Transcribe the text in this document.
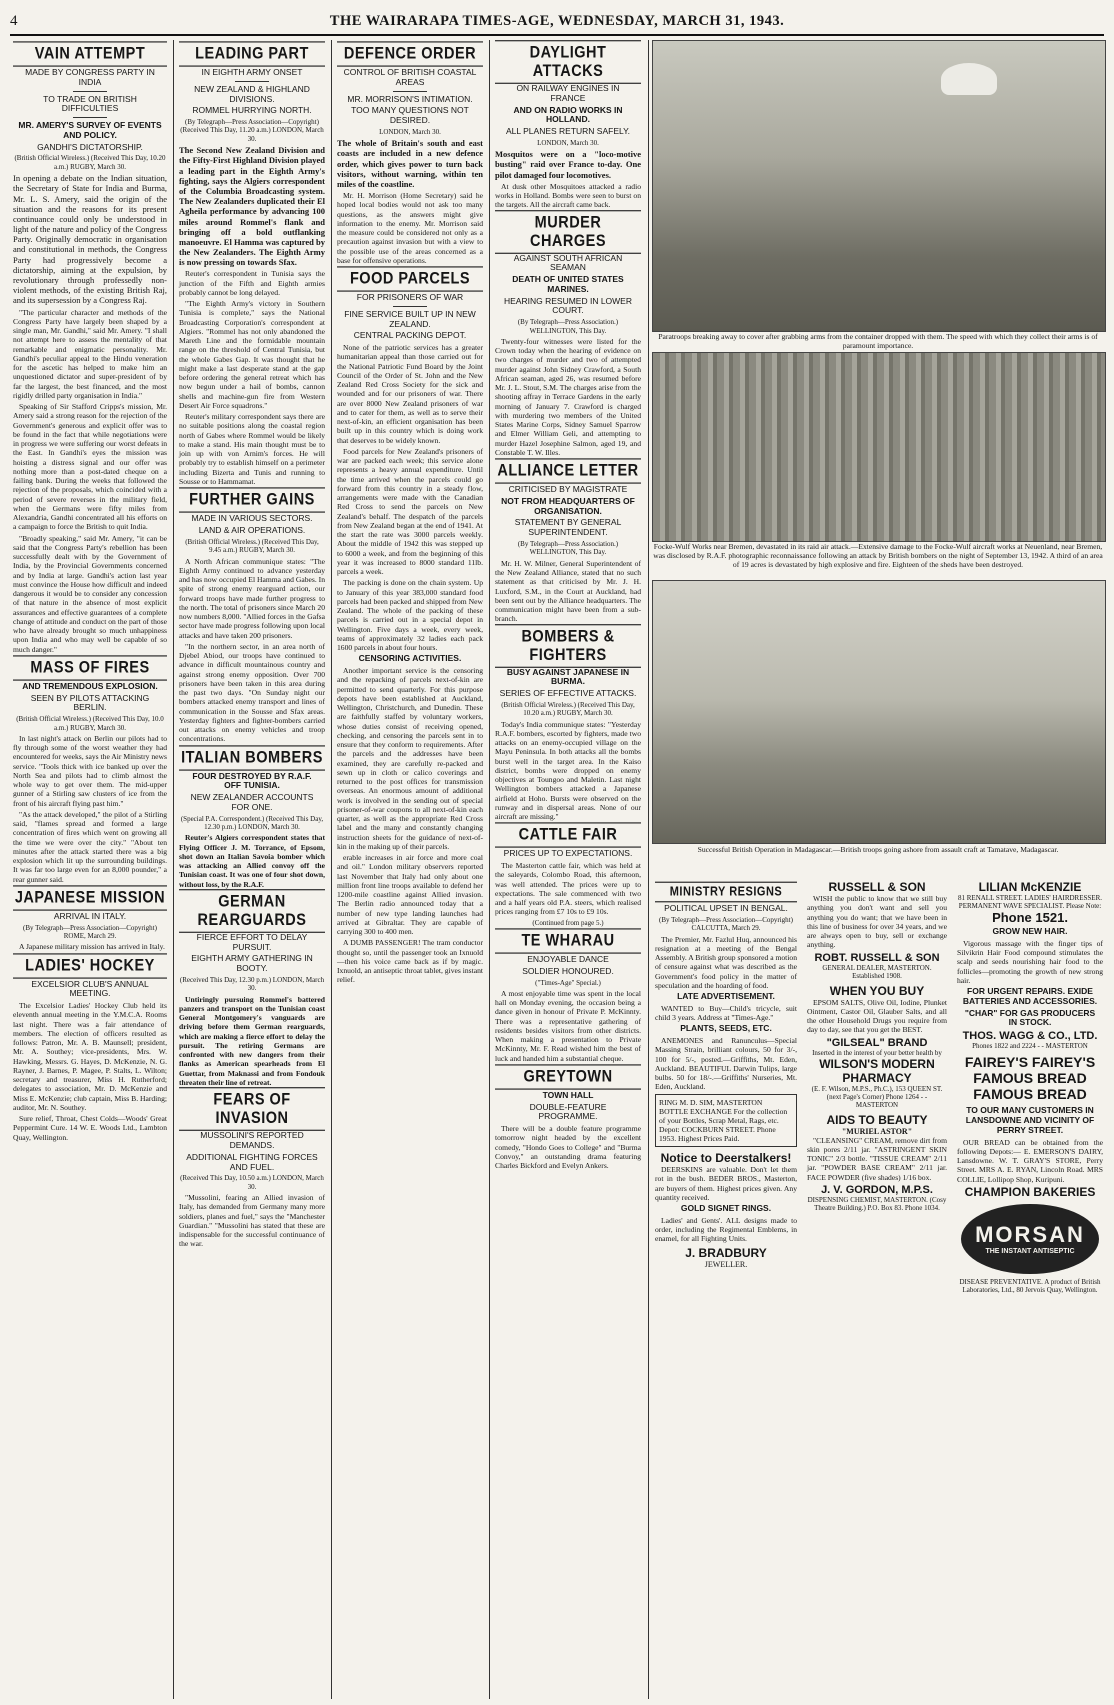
4	THE WAIRARAPA TIMES-AGE, WEDNESDAY, MARCH 31, 1943.
VAIN ATTEMPT
MADE BY CONGRESS PARTY IN INDIA
TO TRADE ON BRITISH DIFFICULTIES
MR. AMERY'S SURVEY OF EVENTS AND POLICY.
GANDHI'S DICTATORSHIP.
(British Official Wireless.) (Received This Day, 10.20 a.m.) RUGBY, March 30.

In opening a debate on the Indian situation, the Secretary of State for India and Burma, Mr. L. S. Amery, said the origin of the situation and the reasons for its present continuance could only be understood in light of the nature and policy of the Congress Party. Originally democratic in organisation and constitutional in methods, the Congress Party had progressively become a dictatorship, aiming at the expulsion, by revolutionary through professedly non-violent methods, of the existing British Raj, and its supersession by a Congress Raj.

"The particular character and methods of the Congress Party have largely been shaped by a single man, Mr. Gandhi," said Mr. Amery. "I shall not attempt here to assess the mentality of that remarkable and enigmatic personality. Mr. Gandhi's peculiar appeal to the Hindu veneration for the ascetic has helped to make him an unquestioned dictator and super-president of by far the largest, the best financed, and the most rigidly drilled party organisation in India."

Speaking of Sir Stafford Cripps's mission, Mr. Amery said a strong reason for the rejection of the Government's generous and explicit offer was to be found in the fact that while negotiations were in progress we were suffering our worst defeats in the East. In Gandhi's eyes the mission was hoisting a distress signal and our offer was nothing more than a post-dated cheque on a failing bank. During the weeks that followed the rejection of the proposals, which coincided with a period of severe reverses in the military field, when the Germans were fifty miles from Alexandria, Gandhi concentrated all his efforts on a campaign to force the British to quit India.

"Broadly speaking," said Mr. Amery, "it can be said that the Congress Party's rebellion has been successfully dealt with by the Government of India, by the Provincial Governments concerned and by India at large. Gandhi's action last year must convince the House how difficult and indeed dangerous it would be to consider any concession of that nature in the absence of most explicit assurances and effective guarantees of a complete change of attitude and conduct on the part of those who have already brought so much unhappiness upon India and who may well be capable of so much danger."

MASS OF FIRES
AND TREMENDOUS EXPLOSION.
SEEN BY PILOTS ATTACKING BERLIN.
(British Official Wireless.) (Received This Day, 10.0 a.m.) RUGBY, March 30.

In last night's attack on Berlin our pilots had to fly through some of the worst weather they had encountered for weeks, says the Air Ministry news service. "Tools thick with ice banked up over the North Sea and pilots had to climb almost the whole way to get over them. The mid-upper gunner of a Stirling saw clusters of ice from the front of his aircraft flying past him."

"As the attack developed," the pilot of a Stirling said, "flames spread and formed a large concentration of fires which went on growing all the time we were over the city." "About ten minutes after the attack started there was a big explosion which lit up the surrounding buildings. It was far too large even for an 8,000 pounder," a rear gunner said.

JAPANESE MISSION
ARRIVAL IN ITALY.
(By Telegraph—Press Association—Copyright) ROME, March 29.

A Japanese military mission has arrived in Italy.

LADIES' HOCKEY
EXCELSIOR CLUB'S ANNUAL MEETING.

The Excelsior Ladies' Hockey Club held its eleventh annual meeting in the Y.M.C.A. Rooms last night. There was a fair attendance of members. The election of officers resulted as follows: Patron, Mr. A. B. Maunsell; president, Mr. A. Southey; vice-presidents, Mrs. W. Hawking, Messrs. G. Hayes, D. McKenzie, N. G. Rayner, J. Barnes, P. Magee, P. Stalts, L. Wilton; secretary and treasurer, Miss H. Rutherford; delegates to association, Mr. D. McKenzie and Miss E. McKenzie; club captain, Miss B. Harding; auditor, Mr. N. Southey.

Sure relief, Throat, Chest Colds—Woods' Great Peppermint Cure. 14 W. E. Woods Ltd., Lambton Quay, Wellington.

LEADING PART
IN EIGHTH ARMY ONSET
NEW ZEALAND & HIGHLAND DIVISIONS.
ROMMEL HURRYING NORTH.
(By Telegraph—Press Association—Copyright) (Received This Day, 11.20 a.m.) LONDON, March 30.

The Second New Zealand Division and the Fifty-First Highland Division played a leading part in the Eighth Army's fighting, says the Algiers correspondent of the Columbia Broadcasting system. The New Zealanders duplicated their El Agheila performance by advancing 100 miles around Rommel's flank and bringing off a bold outflanking manoeuvre. El Hamma was captured by the New Zealanders. The Eighth Army is now pressing on towards Sfax.

Reuter's correspondent in Tunisia says the junction of the Fifth and Eighth armies probably cannot be long delayed.

"The Eighth Army's victory in Southern Tunisia is complete," says the National Broadcasting Corporation's correspondent at Algiers. "Rommel has not only abandoned the Mareth Line and the formidable mountain range on the threshold of Central Tunisia, but the whole Gabes Gap. It was thought that he might make a last desperate stand at the gap before ordering the general retreat which has now begun under a hail of bombs, cannon shells and machine-gun fire from Western Desert Air Force squadrons."

Reuter's military correspondent says there are no suitable positions along the coastal region north of Gabes where Rommel would be likely to make a stand. His main thought must be to join up with von Arnim's forces. He will probably try to establish himself on a perimeter including Bizerta and Tunis and running to Sousse or to Hammamat.

FURTHER GAINS
MADE IN VARIOUS SECTORS.
LAND & AIR OPERATIONS.
(British Official Wireless.) (Received This Day, 9.45 a.m.) RUGBY, March 30.

A North African communique states: "The Eighth Army continued to advance yesterday and has now occupied El Hamma and Gabes. In spite of strong enemy rearguard action, our forward troops have made further progress to the north. The total of prisoners since March 20 now numbers 8,000. "Allied forces in the Gafsa sector have made progress following upon local attacks and have taken 200 prisoners.

"In the northern sector, in an area north of Djebel Abiod, our troops have continued to advance in difficult mountainous country and against strong enemy opposition. Over 700 prisoners have been taken in this area during the past two days. "On Sunday night our bombers attacked enemy transport and lines of communication in the Sousse and Sfax areas. Yesterday fighters and fighter-bombers carried out attacks on enemy vehicles and troop concentrations.

ITALIAN BOMBERS
FOUR DESTROYED BY R.A.F. OFF TUNISIA.
NEW ZEALANDER ACCOUNTS FOR ONE.
(Special P.A. Correspondent.) (Received This Day, 12.30 p.m.) LONDON, March 30.

Reuter's Algiers correspondent states that Flying Officer J. M. Torrance, of Epsom, shot down an Italian Savoia bomber which was attacking an Allied convoy off the Tunisian coast. It was one of four shot down, without loss, by the R.A.F.

GERMAN REARGUARDS
FIERCE EFFORT TO DELAY PURSUIT.
EIGHTH ARMY GATHERING IN BOOTY.
(Received This Day, 12.30 p.m.) LONDON, March 30.

Untiringly pursuing Rommel's battered panzers and transport on the Tunisian coast General Montgomery's vanguards are driving before them German rearguards, which are making a fierce effort to delay the pursuit. The retiring Germans are confronted with new dangers from their flanks as American spearheads from El Guettar, from Maknassi and from Fondouk threaten their line of retreat.

FEARS OF INVASION
MUSSOLINI'S REPORTED DEMANDS.
ADDITIONAL FIGHTING FORCES AND FUEL.
(Received This Day, 10.50 a.m.) LONDON, March 30.

"Mussolini, fearing an Allied invasion of Italy, has demanded from Germany many more soldiers, planes and fuel," says the "Manchester Guardian." "Mussolini has stated that these are indispensable for the successful continuance of the war.

DEFENCE ORDER
CONTROL OF BRITISH COASTAL AREAS
MR. MORRISON'S INTIMATION.
TOO MANY QUESTIONS NOT DESIRED.
LONDON, March 30.

The whole of Britain's south and east coasts are included in a new defence order, which gives power to turn back visitors, without warning, within ten miles of the coastline.

Mr. H. Morrison (Home Secretary) said he hoped local bodies would not ask too many questions, as the answers might give information to the enemy. Mr. Morrison said the measure could be considered not only as a precaution against invasion but with a view to the possible use of the areas concerned as a base for offensive operations.

FOOD PARCELS
FOR PRISONERS OF WAR
FINE SERVICE BUILT UP IN NEW ZEALAND.
CENTRAL PACKING DEPOT.

None of the patriotic services has a greater humanitarian appeal than those carried out for the National Patriotic Fund Board by the Joint Council of the Order of St. John and the New Zealand Red Cross Society for the sick and wounded and for our prisoners of war. There are over 8000 New Zealand prisoners of war and to cater for them, as well as to serve their next-of-kin, an efficient organisation has been built up in this country which is doing work that deserves to be widely known.

Food parcels for New Zealand's prisoners of war are packed each week; this service alone represents a heavy annual expenditure. Until the time arrived when the parcels could go forward from this country in a steady flow, arrangements were made with the Canadian Red Cross to send the parcels on New Zealand's behalf. The despatch of the parcels from New Zealand began at the end of 1941. At the start the rate was 3000 parcels weekly. About the middle of 1942 this was stepped up to 6000 a week, and from the beginning of this year it was increased to 8000 standard 11lb. parcels a week.

The packing is done on the chain system. Up to January of this year 383,000 standard food parcels had been packed and shipped from New Zealand. The whole of the packing of these parcels is carried out in a special depot in Wellington. Five days a week, every week, teams of approximately 32 ladies each pack 1600 parcels in about four hours.

CENSORING ACTIVITIES.

Another important service is the censoring and the repacking of parcels next-of-kin are permitted to send quarterly. For this purpose depots have been established at Auckland, Wellington, Christchurch, and Dunedin. These are faithfully staffed by voluntary workers, whose duties consist of receiving opened, checking, and censoring the parcels sent in to ensure that they conform to requirements. After the parcels and the addresses have been examined, they are carefully re-packed and sewn up in cloth or calico coverings and returned to the post offices for transmission overseas. An enormous amount of additional work is involved in the sending out of special prisoner-of-war coupons to all next-of-kin each quarter, as well as the appropriate Red Cross label and the many and constantly changing instruction sheets for the guidance of next-of-kin in the making up of their parcels.

erable increases in air force and more coal and oil." London military observers reported last November that Italy had only about one million front line troops available to defend her 1200-mile coastline against Allied invasion. The Berlin radio announced today that a number of new type landing launches had arrived at Gibraltar. They are capable of carrying 300 to 400 men.

A DUMB PASSENGER! The tram conductor thought so, until the passenger took an Ixnuold—then his voice came back as if by magic. Ixnuold, an antiseptic throat tablet, gives instant relief.

DAYLIGHT ATTACKS
ON RAILWAY ENGINES IN FRANCE
AND ON RADIO WORKS IN HOLLAND.
ALL PLANES RETURN SAFELY.
LONDON, March 30.

Mosquitos were on a "loco-motive busting" raid over France to-day. One pilot damaged four locomotives.

At dusk other Mosquitoes attacked a radio works in Holland. Bombs were seen to burst on the targets. All the aircraft came back.

MURDER CHARGES
AGAINST SOUTH AFRICAN SEAMAN
DEATH OF UNITED STATES MARINES.
HEARING RESUMED IN LOWER COURT.
(By Telegraph—Press Association.) WELLINGTON, This Day.

Twenty-four witnesses were listed for the Crown today when the hearing of evidence on two charges of murder and two of attempted murder against John Sidney Crawford, a South African seaman, aged 26, was resumed before Mr. J. L. Stout, S.M. The charges arise from the shooting affray in Terrace Gardens in the early morning of January 7. Crawford is charged with murdering two members of the United States Marine Corps, Sidney Samuel Sparrow and Elmer William Geli, and attempting to murder Hazel Josephine Salmon, aged 19, and Constable T. W. Illes.

ALLIANCE LETTER
CRITICISED BY MAGISTRATE
NOT FROM HEADQUARTERS OF ORGANISATION.
STATEMENT BY GENERAL SUPERINTENDENT.
(By Telegraph—Press Association.) WELLINGTON, This Day.

Mr. H. W. Milner, General Superintendent of the New Zealand Alliance, stated that no such statement as that criticised by Mr. J. H. Luxford, S.M., in the Court at Auckland, had been sent out by the Alliance headquarters. The communication might have been from a sub-branch.

BOMBERS & FIGHTERS
BUSY AGAINST JAPANESE IN BURMA.
SERIES OF EFFECTIVE ATTACKS.
(British Official Wireless.) (Received This Day, 10.20 a.m.) RUGBY, March 30.

Today's India communique states: "Yesterday R.A.F. bombers, escorted by fighters, made two attacks on an enemy-occupied village on the Mayu Peninsula. In both attacks all the bombs burst well in the target area. In the Kaiso district, bombs were dropped on enemy objectives at Toungoo and Maletin. Last night Wellington bombers attacked a Japanese airfield at Hoho. Bursts were observed on the runway and in dispersal areas. None of our aircraft are missing."

CATTLE FAIR
PRICES UP TO EXPECTATIONS.

The Masterton cattle fair, which was held at the saleyards, Colombo Road, this afternoon, was well attended. The prices were up to expectations. The sale commenced with two and a half years old P.A. steers, which realised prices ranging from £7 10s to £9 10s.

(Continued from page 5.)
TE WHARAU
ENJOYABLE DANCE
SOLDIER HONOURED.
("Times-Age" Special.)

A most enjoyable time was spent in the local hall on Monday evening, the occasion being a dance given in honour of Private P. McKinnty. There was a representative gathering of residents besides visitors from other districts. When making a presentation to Private McKinnty, Mr. F. Read wished him the best of luck and handed him a substantial cheque.

GREYTOWN
TOWN HALL
DOUBLE-FEATURE PROGRAMME.

There will be a double feature programme tomorrow night headed by the excellent comedy, "Hondo Goes to College" and "Burma Convoy," an outstanding drama featuring Charles Bickford and Evelyn Ankers.

Paratroops breaking away to cover after grabbing arms from the container dropped with them. The speed with which they collect their arms is of paramount importance.
Focke-Wulf Works near Bremen, devastated in its raid air attack.—Extensive damage to the Focke-Wulf aircraft works at Neuenland, near Bremen, was disclosed by R.A.F. photographic reconnaissance following an attack by British bombers on the night of September 13, 1942. A third of an area of 19 acres is devastated by high explosive and fire. Eighteen of the sheds have been destroyed.
Successful British Operation in Madagascar.—British troops going ashore from assault craft at Tamatave, Madagascar.
MINISTRY RESIGNS
POLITICAL UPSET IN BENGAL.
(By Telegraph—Press Association—Copyright) CALCUTTA, March 29.

The Premier, Mr. Fazlul Huq, announced his resignation at a meeting of the Bengal Assembly. A British group sponsored a motion of censure against what was described as the Government's food policy in the matter of speculation and the hoarding of food.

LATE ADVERTISEMENT.

WANTED to Buy—Child's tricycle, suit child 3 years. Address at "Times-Age."

PLANTS, SEEDS, ETC.

ANEMONES and Ranunculus—Special Massing Strain, brilliant colours, 50 for 3/-, 100 for 5/-, posted.—Griffiths, Mt. Eden, Auckland. BEAUTIFUL Darwin Tulips, large bulbs. 50 for 18/-.—Griffiths' Nurseries, Mt. Eden, Auckland.

RING M. D. SIM, MASTERTON BOTTLE EXCHANGE For the collection of your Bottles, Scrap Metal, Rags, etc. Depot: COCKBURN STREET. Phone 1953. Highest Prices Paid.
Notice to Deerstalkers!

DEERSKINS are valuable. Don't let them rot in the bush. BEDER BROS., Masterton, are buyers of them. Highest prices given. Any quantity received.

GOLD SIGNET RINGS.

Ladies' and Gents'. ALL designs made to order, including the Regimental Emblems, in enamel, for all Fighting Units.

J. BRADBURY
JEWELLER.
RUSSELL & SON

WISH the public to know that we still buy anything you don't want and sell you anything you do want; that we have been in this line of business for over 34 years, and we are always open to buy, sell or exchange anything.

ROBT. RUSSELL & SON
GENERAL DEALER, MASTERTON. Established 1908.
WHEN YOU BUY

EPSOM SALTS, Olive Oil, Iodine, Plunket Ointment, Castor Oil, Glauber Salts, and all the other Household Drugs you require from day to day, see that you get the BEST.

"GILSEAL" BRAND
Inserted in the interest of your better health by
WILSON'S MODERN PHARMACY
(E. F. Wilson, M.P.S., Ph.C.), 153 QUEEN ST. (next Page's Corner) Phone 1264 - - MASTERTON
AIDS TO BEAUTY
"MURIEL ASTOR"

"CLEANSING" CREAM, remove dirt from skin pores 2/11 jar. "ASTRINGENT SKIN TONIC" 2/3 bottle. "TISSUE CREAM" 2/11 jar. "POWDER BASE CREAM" 2/11 jar. FACE POWDER (five shades) 1/16 box.

J. V. GORDON, M.P.S.
DISPENSING CHEMIST, MASTERTON. (Cosy Theatre Building.) P.O. Box 83. Phone 1034.
LILIAN McKENZIE
81 RENALL STREET. LADIES' HAIRDRESSER. PERMANENT WAVE SPECIALIST. Please Note:
Phone 1521.
GROW NEW HAIR.

Vigorous massage with the finger tips of Silvikrin Hair Food compound stimulates the scalp and seeds nourishing hair food to the follicles—promoting the growth of new strong hair.

FOR URGENT REPAIRS. EXIDE BATTERIES AND ACCESSORIES.
"CHAR" FOR GAS PRODUCERS IN STOCK.
THOS. WAGG & CO., LTD.
Phones 1822 and 2224 - - MASTERTON
FAIREY'S FAIREY'S
FAMOUS BREAD FAMOUS BREAD
TO OUR MANY CUSTOMERS IN LANSDOWNE AND VICINITY OF PERRY STREET.

OUR BREAD can be obtained from the following Depots:— E. EMERSON'S DAIRY, Lansdowne. W. T. GRAY'S STORE, Perry Street. MRS A. E. RYAN, Lincoln Road. MRS COLLIE, Lollipop Shop, Kuripuni.

CHAMPION BAKERIES
MORSAN
THE INSTANT ANTISEPTIC
DISEASE PREVENTATIVE. A product of British Laboratories, Ltd., 80 Jervois Quay, Wellington.
